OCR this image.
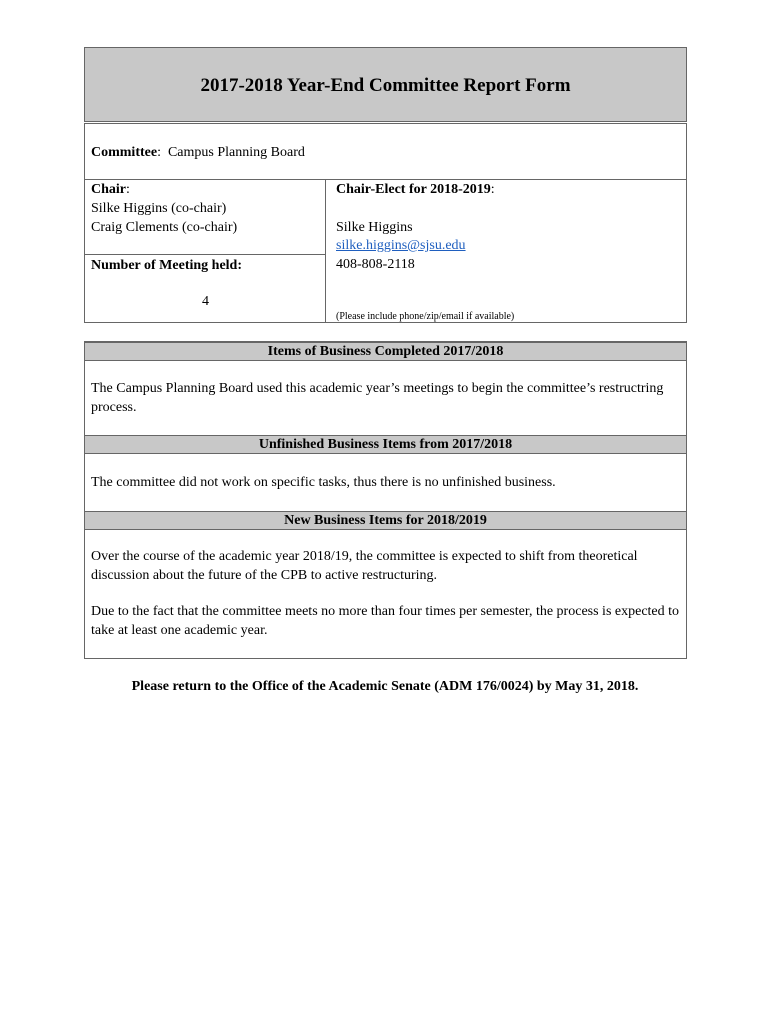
2017-2018 Year-End Committee Report Form
Committee: Campus Planning Board
Chair:
Silke Higgins (co-chair)
Craig Clements (co-chair)
Number of Meeting held:
4
Chair-Elect for 2018-2019:
Silke Higgins
silke.higgins@sjsu.edu
408-808-2118
(Please include phone/zip/email if available)
Items of Business Completed 2017/2018
The Campus Planning Board used this academic year’s meetings to begin the committee’s restructring process.
Unfinished Business Items from 2017/2018
The committee did not work on specific tasks, thus there is no unfinished business.
New Business Items for 2018/2019
Over the course of the academic year 2018/19, the committee is expected to shift from theoretical discussion about the future of the CPB to active restructuring.
Due to the fact that the committee meets no more than four times per semester, the process is expected to take at least one academic year.
Please return to the Office of the Academic Senate (ADM 176/0024) by May 31, 2018.
